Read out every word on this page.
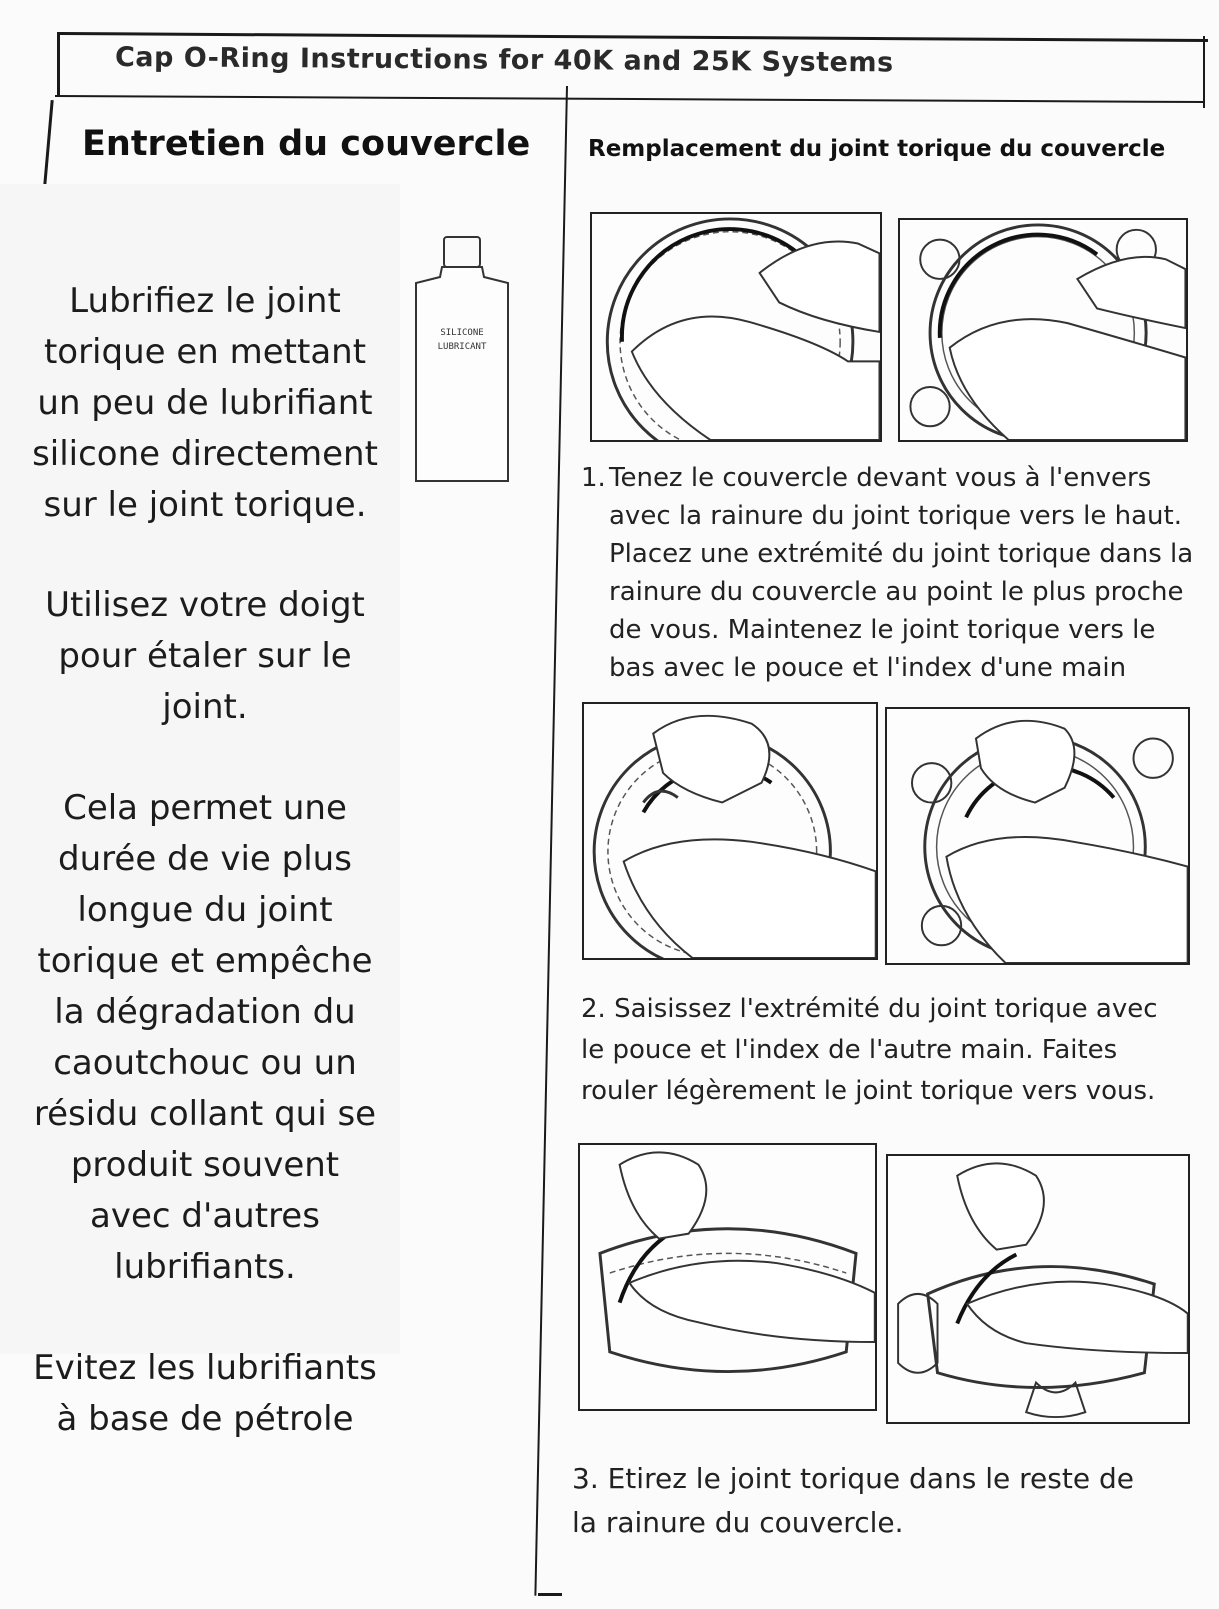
Cap O-Ring Instructions for 40K and 25K Systems
Entretien du couvercle
Lubrifiez le joint
torique en mettant
un peu de lubrifiant
silicone directement
sur le joint torique.
Utilisez votre doigt
pour étaler sur le
joint.
Cela permet une
durée de vie plus
longue du joint
torique et empêche
la dégradation du
caoutchouc ou un
résidu collant qui se
produit souvent
avec d'autres
lubrifiants.
Evitez les lubrifiants
à base de pétrole
SILICONE
LUBRICANT
Remplacement du joint torique du couvercle
1. Tenez le couvercle devant vous à l'envers
avec la rainure du joint torique vers le haut.
Placez une extrémité du joint torique dans la
rainure du couvercle au point le plus proche
de vous. Maintenez le joint torique vers le
bas avec le pouce et l'index d'une main
2. Saisissez l'extrémité du joint torique avec
le pouce et l'index de l'autre main. Faites
rouler légèrement le joint torique vers vous.
3. Etirez le joint torique dans le reste de
la rainure du couvercle.
